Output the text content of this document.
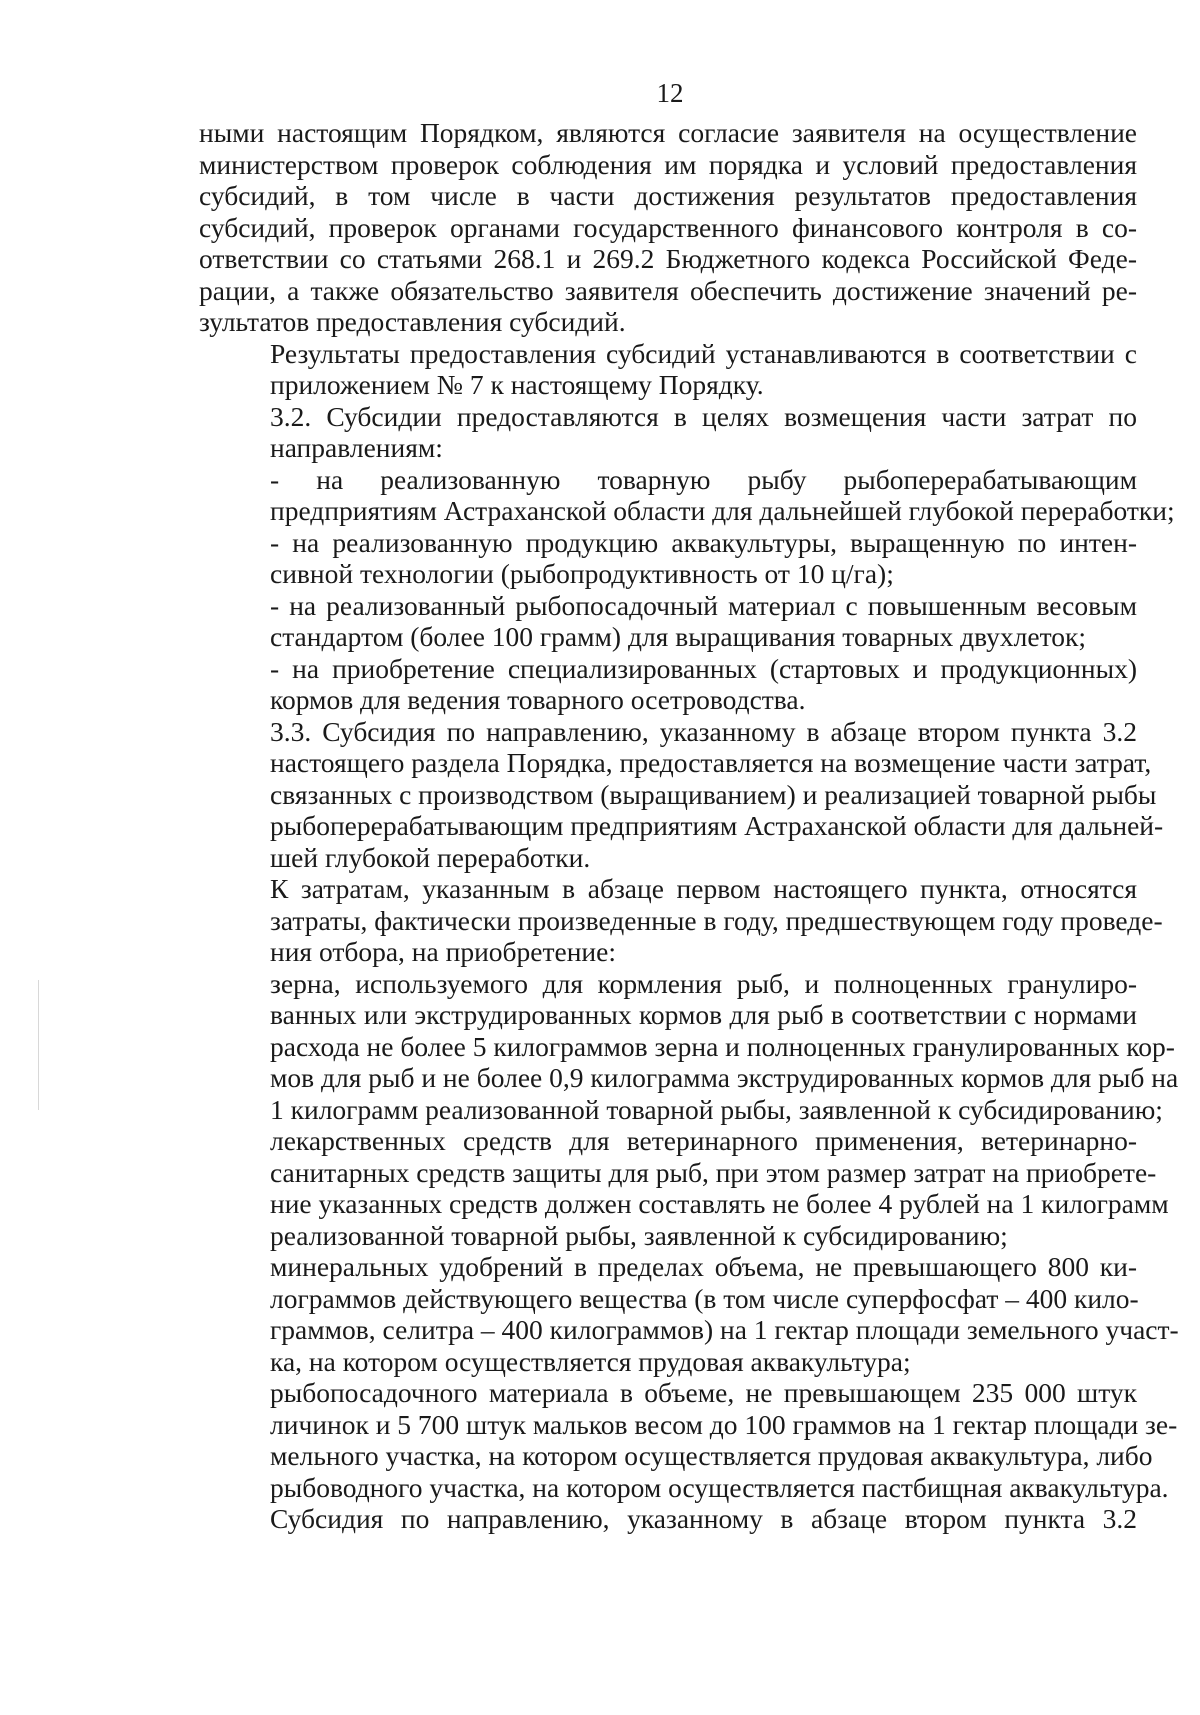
12

ными настоящим Порядком, являются согласие заявителя на осуществление
министерством проверок соблюдения им порядка и условий предоставления
субсидий, в том числе в части достижения результатов предоставления
субсидий, проверок органами государственного финансового контроля в со-
ответствии со статьями 268.1 и 269.2 Бюджетного кодекса Российской Феде-
рации, а также обязательство заявителя обеспечить достижение значений ре-
зультатов предоставления субсидий.

Результаты предоставления субсидий устанавливаются в соответствии с
приложением № 7 к настоящему Порядку.

3.2. Субсидии предоставляются в целях возмещения части затрат по
направлениям:

- на реализованную товарную рыбу рыбоперерабатывающим
предприятиям Астраханской области для дальнейшей глубокой переработки;

- на реализованную продукцию аквакультуры, выращенную по интен-
сивной технологии (рыбопродуктивность от 10 ц/га);

- на реализованный рыбопосадочный материал с повышенным весовым
стандартом (более 100 грамм) для выращивания товарных двухлеток;

- на приобретение специализированных (стартовых и продукционных)
кормов для ведения товарного осетроводства.

3.3. Субсидия по направлению, указанному в абзаце втором пункта 3.2
настоящего раздела Порядка, предоставляется на возмещение части затрат,
связанных с производством (выращиванием) и реализацией товарной рыбы
рыбоперерабатывающим предприятиям Астраханской области для дальней-
шей глубокой переработки.

К затратам, указанным в абзаце первом настоящего пункта, относятся
затраты, фактически произведенные в году, предшествующем году проведе-
ния отбора, на приобретение:

зерна, используемого для кормления рыб, и полноценных гранулиро-
ванных или экструдированных кормов для рыб в соответствии с нормами
расхода не более 5 килограммов зерна и полноценных гранулированных кор-
мов для рыб и не более 0,9 килограмма экструдированных кормов для рыб на
1 килограмм реализованной товарной рыбы, заявленной к субсидированию;

лекарственных средств для ветеринарного применения, ветеринарно-
санитарных средств защиты для рыб, при этом размер затрат на приобрете-
ние указанных средств должен составлять не более 4 рублей на 1 килограмм
реализованной товарной рыбы, заявленной к субсидированию;

минеральных удобрений в пределах объема, не превышающего 800 ки-
лограммов действующего вещества (в том числе суперфосфат – 400 кило-
граммов, селитра – 400 килограммов) на 1 гектар площади земельного участ-
ка, на котором осуществляется прудовая аквакультура;

рыбопосадочного материала в объеме, не превышающем 235 000 штук
личинок и 5 700 штук мальков весом до 100 граммов на 1 гектар площади зе-
мельного участка, на котором осуществляется прудовая аквакультура, либо
рыбоводного участка, на котором осуществляется пастбищная аквакультура.

Субсидия по направлению, указанному в абзаце втором пункта 3.2
